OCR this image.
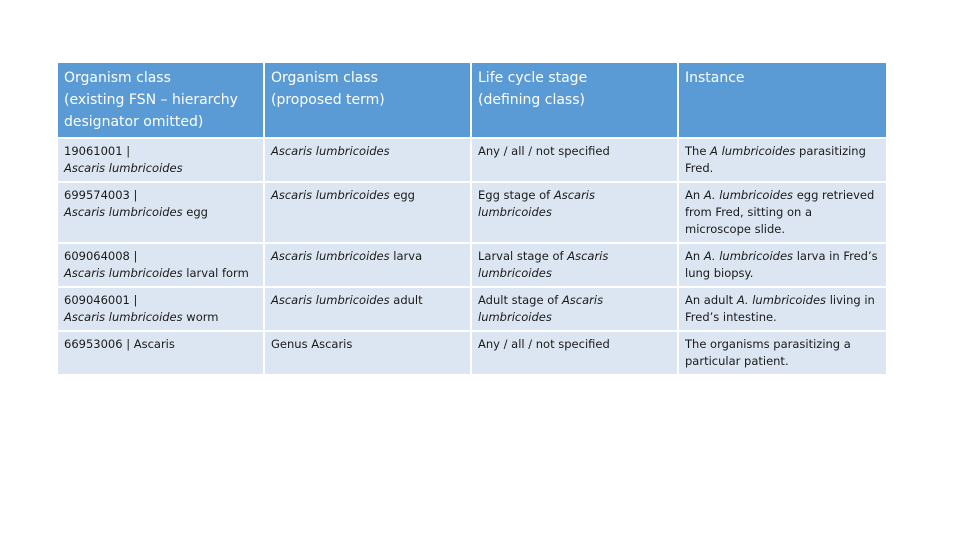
Organism class
(existing FSN – hierarchy
designator omitted)	Organism class
(proposed term)	Life cycle stage
(defining class)	Instance

19061001 |
Ascaris lumbricoides	Ascaris lumbricoides	Any / all / not specified	The A lumbricoides parasitizing Fred.

699574003 |
Ascaris lumbricoides egg	Ascaris lumbricoides egg	Egg stage of Ascaris lumbricoides	An A. lumbricoides egg retrieved from Fred, sitting on a microscope slide.

609064008 |
Ascaris lumbricoides larval form	Ascaris lumbricoides larva	Larval stage of Ascaris lumbricoides	An A. lumbricoides larva in Fred’s lung biopsy.

609046001 |
Ascaris lumbricoides worm	Ascaris lumbricoides adult	Adult stage of Ascaris lumbricoides	An adult A. lumbricoides living in Fred’s intestine.

66953006 | Ascaris	Genus Ascaris	Any / all / not specified	The organisms parasitizing a particular patient.
